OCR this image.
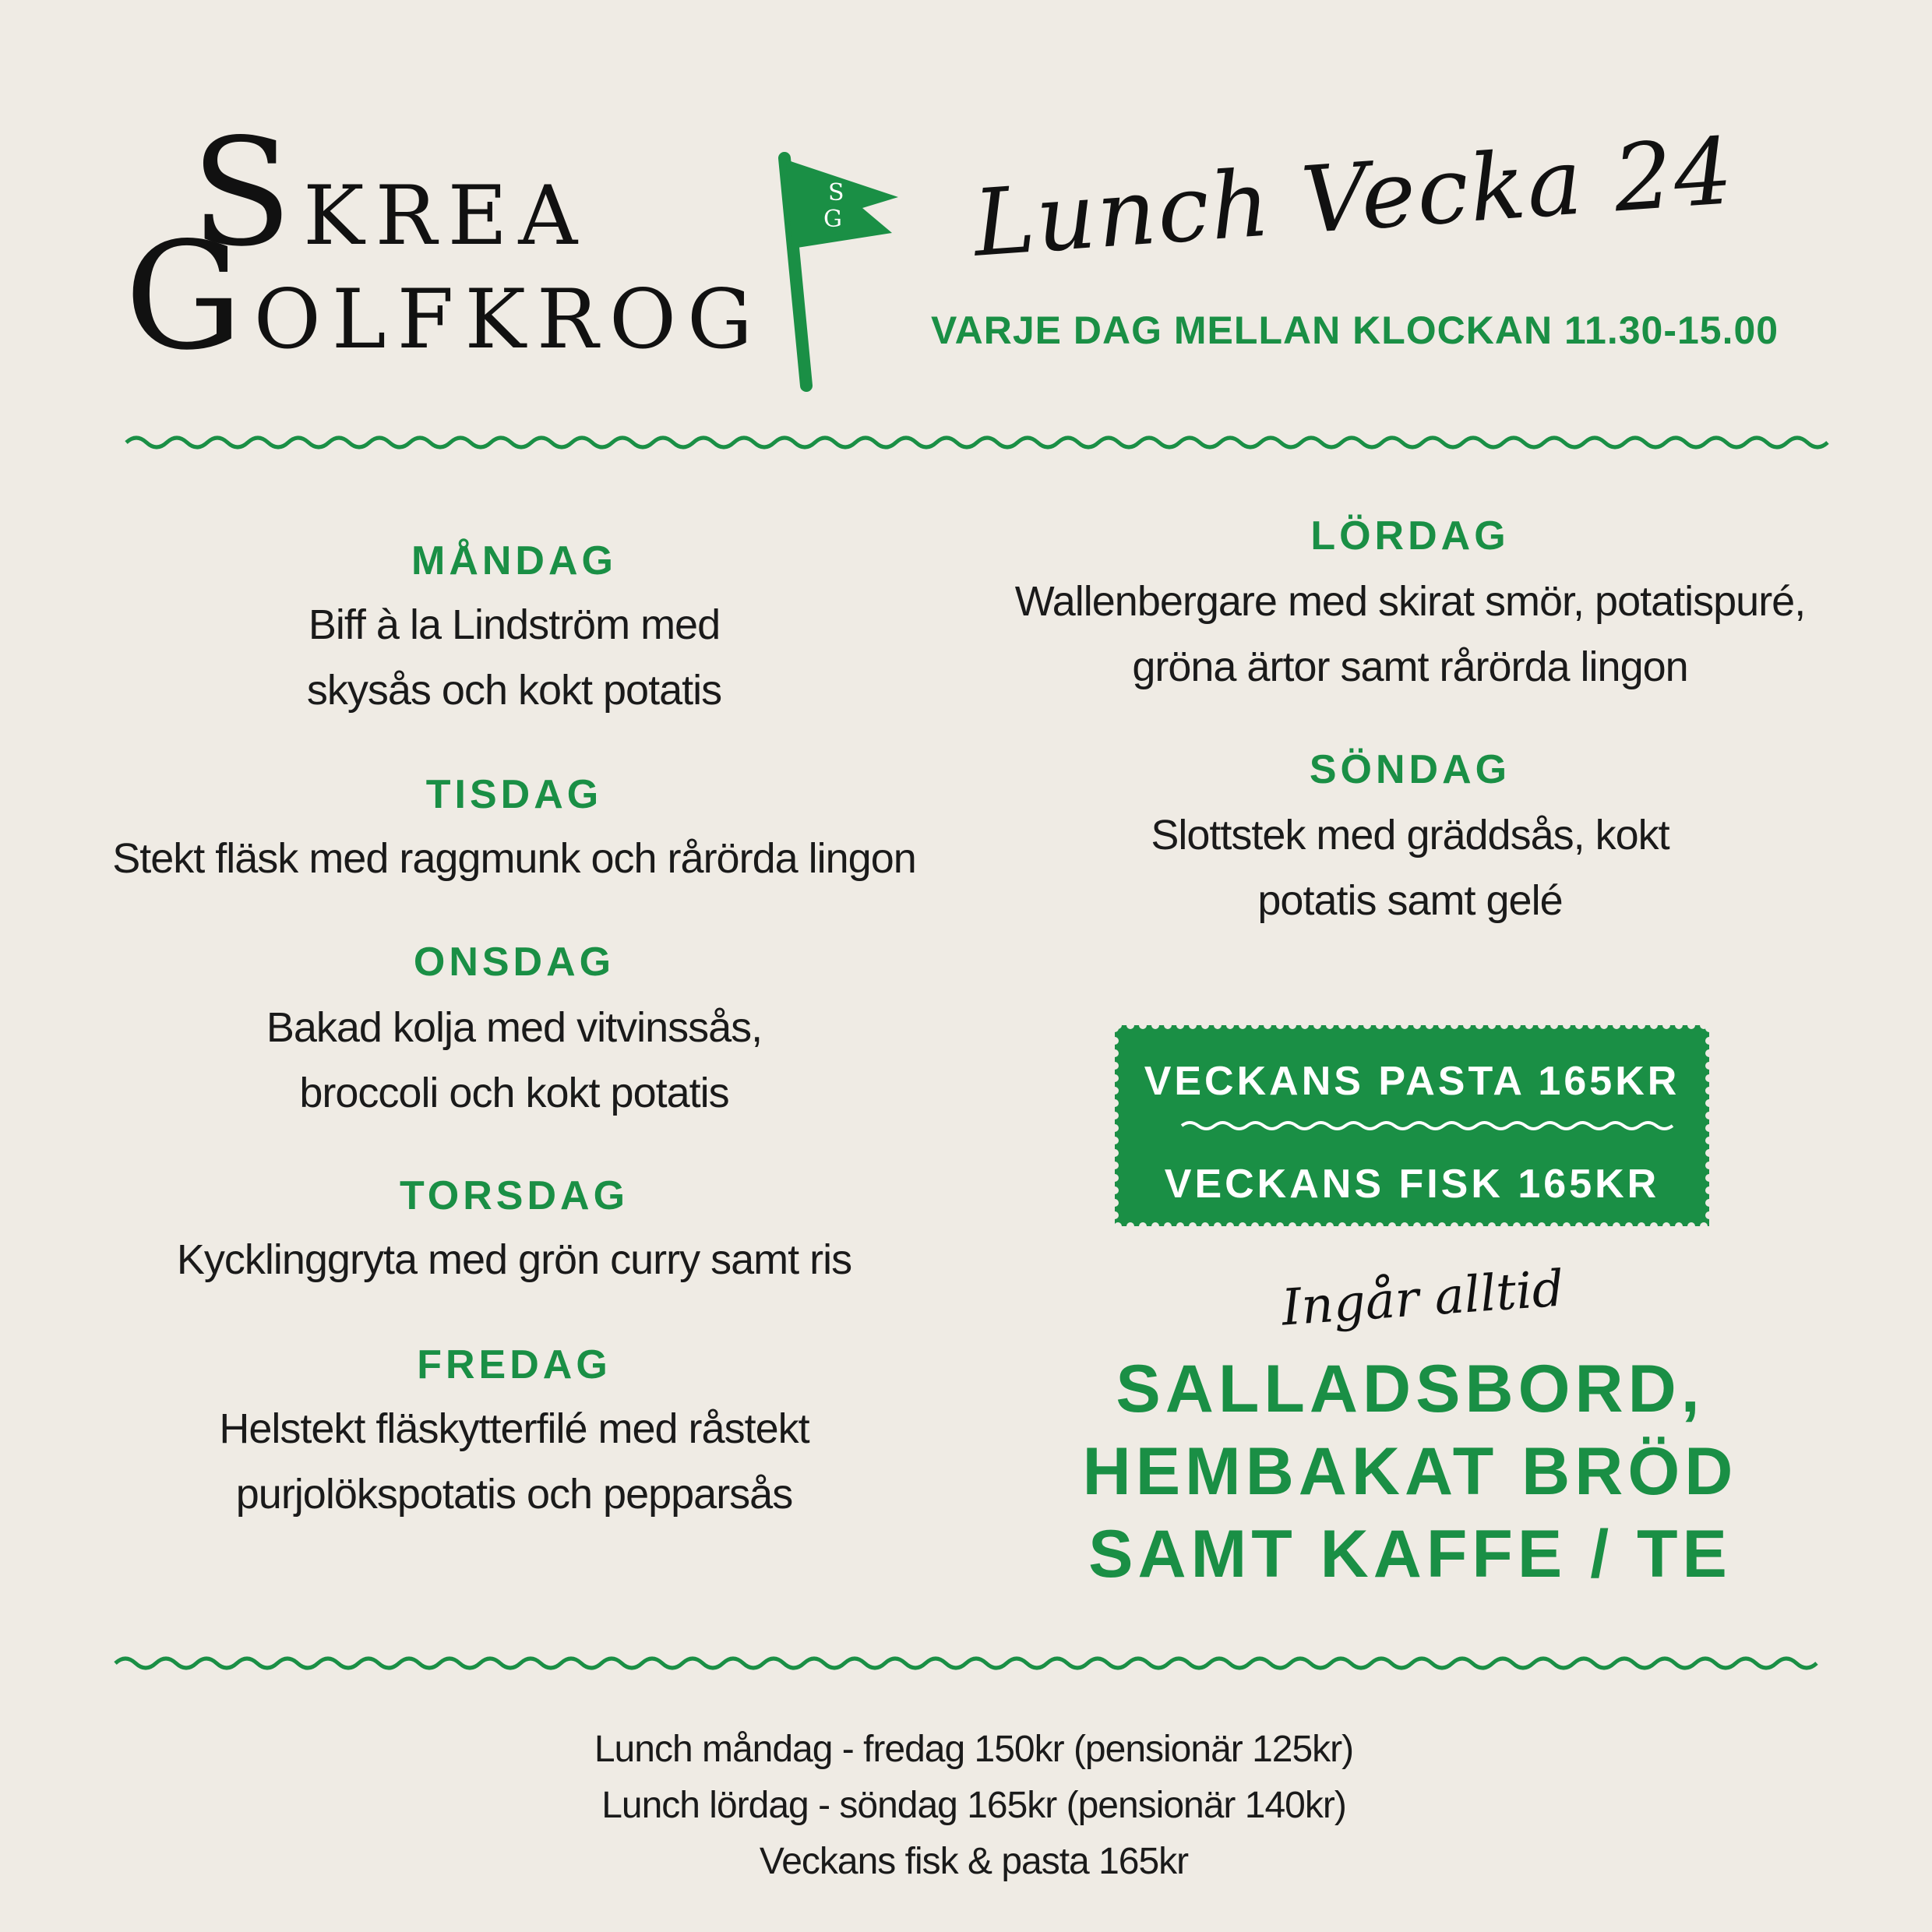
SKREA
GOLFKROG
S
G Lunch Vecka 24
VARJE DAG MELLAN KLOCKAN 11.30-15.00
MÅNDAG
Biff à la Lindström med
skysås och kokt potatis
TISDAG
Stekt fläsk med raggmunk och rårörda lingon
ONSDAG
Bakad kolja med vitvinssås,
broccoli och kokt potatis
TORSDAG
Kycklinggryta med grön curry samt ris
FREDAG
Helstekt fläskytterfilé med råstekt
purjolökspotatis och pepparsås
LÖRDAG
Wallenbergare med skirat smör, potatispuré,
gröna ärtor samt rårörda lingon
SÖNDAG
Slottstek med gräddsås, kokt
potatis samt gelé
VECKANS PASTA 165KR
VECKANS FISK 165KR
Ingår alltid
SALLADSBORD,
HEMBAKAT BRÖD
SAMT KAFFE / TE
Lunch måndag - fredag 150kr (pensionär 125kr)
Lunch lördag - söndag 165kr (pensionär 140kr)
Veckans fisk & pasta 165kr
